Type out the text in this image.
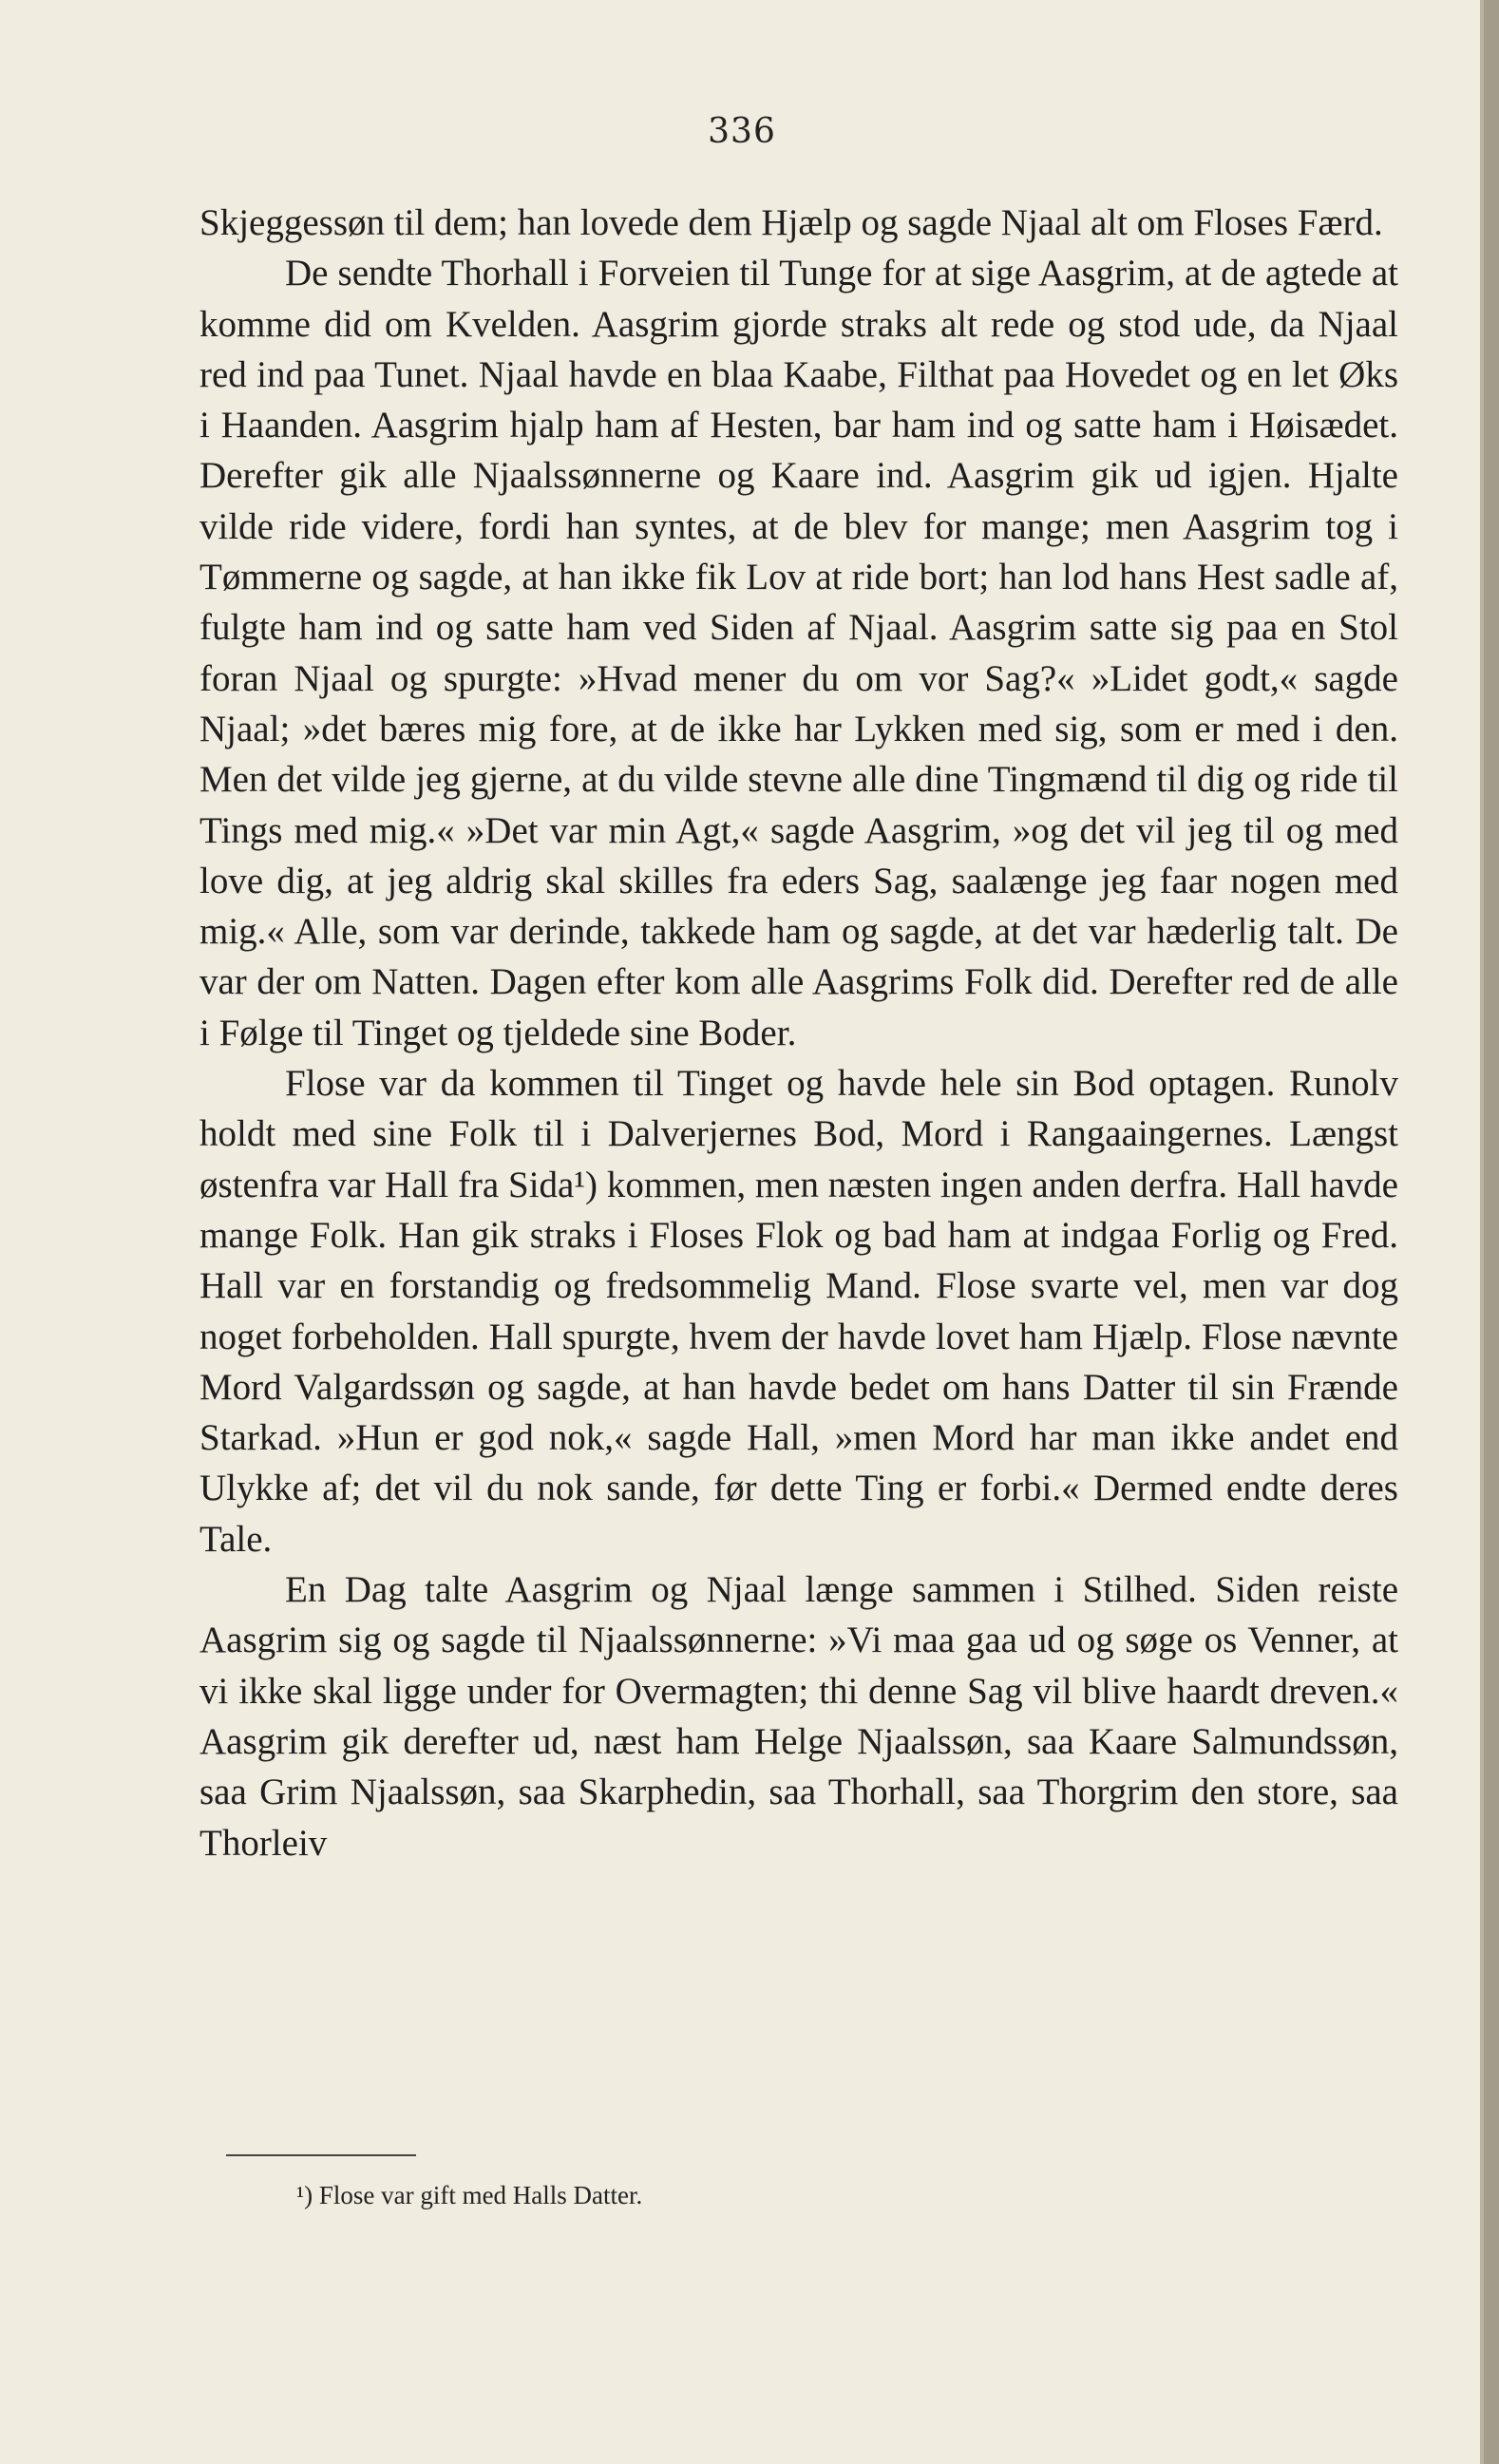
336

Skjeggessøn til dem; han lovede dem Hjælp og sagde Njaal alt om Floses Færd.

De sendte Thorhall i Forveien til Tunge for at sige Aasgrim, at de agtede at komme did om Kvelden. Aasgrim gjorde straks alt rede og stod ude, da Njaal red ind paa Tunet. Njaal havde en blaa Kaabe, Filthat paa Hovedet og en let Øks i Haanden. Aasgrim hjalp ham af Hesten, bar ham ind og satte ham i Høisædet. Derefter gik alle Njaalssønnerne og Kaare ind. Aasgrim gik ud igjen. Hjalte vilde ride videre, fordi han syntes, at de blev for mange; men Aasgrim tog i Tømmerne og sagde, at han ikke fik Lov at ride bort; han lod hans Hest sadle af, fulgte ham ind og satte ham ved Siden af Njaal. Aasgrim satte sig paa en Stol foran Njaal og spurgte: »Hvad mener du om vor Sag?« »Lidet godt,« sagde Njaal; »det bæres mig fore, at de ikke har Lykken med sig, som er med i den. Men det vilde jeg gjerne, at du vilde stevne alle dine Tingmænd til dig og ride til Tings med mig.« »Det var min Agt,« sagde Aasgrim, »og det vil jeg til og med love dig, at jeg aldrig skal skilles fra eders Sag, saalænge jeg faar nogen med mig.« Alle, som var derinde, takkede ham og sagde, at det var hæderlig talt. De var der om Natten. Dagen efter kom alle Aasgrims Folk did. Derefter red de alle i Følge til Tinget og tjeldede sine Boder.

Flose var da kommen til Tinget og havde hele sin Bod optagen. Runolv holdt med sine Folk til i Dalverjernes Bod, Mord i Rangaaingernes. Længst østenfra var Hall fra Sida¹) kommen, men næsten ingen anden derfra. Hall havde mange Folk. Han gik straks i Floses Flok og bad ham at indgaa Forlig og Fred. Hall var en forstandig og fredsommelig Mand. Flose svarte vel, men var dog noget forbeholden. Hall spurgte, hvem der havde lovet ham Hjælp. Flose nævnte Mord Valgardssøn og sagde, at han havde bedet om hans Datter til sin Frænde Starkad. »Hun er god nok,« sagde Hall, »men Mord har man ikke andet end Ulykke af; det vil du nok sande, før dette Ting er forbi.« Dermed endte deres Tale.

En Dag talte Aasgrim og Njaal længe sammen i Stilhed. Siden reiste Aasgrim sig og sagde til Njaalssønnerne: »Vi maa gaa ud og søge os Venner, at vi ikke skal ligge under for Overmagten; thi denne Sag vil blive haardt dreven.« Aasgrim gik derefter ud, næst ham Helge Njaalssøn, saa Kaare Salmundssøn, saa Grim Njaalssøn, saa Skarphedin, saa Thorhall, saa Thorgrim den store, saa Thorleiv

¹) Flose var gift med Halls Datter.
